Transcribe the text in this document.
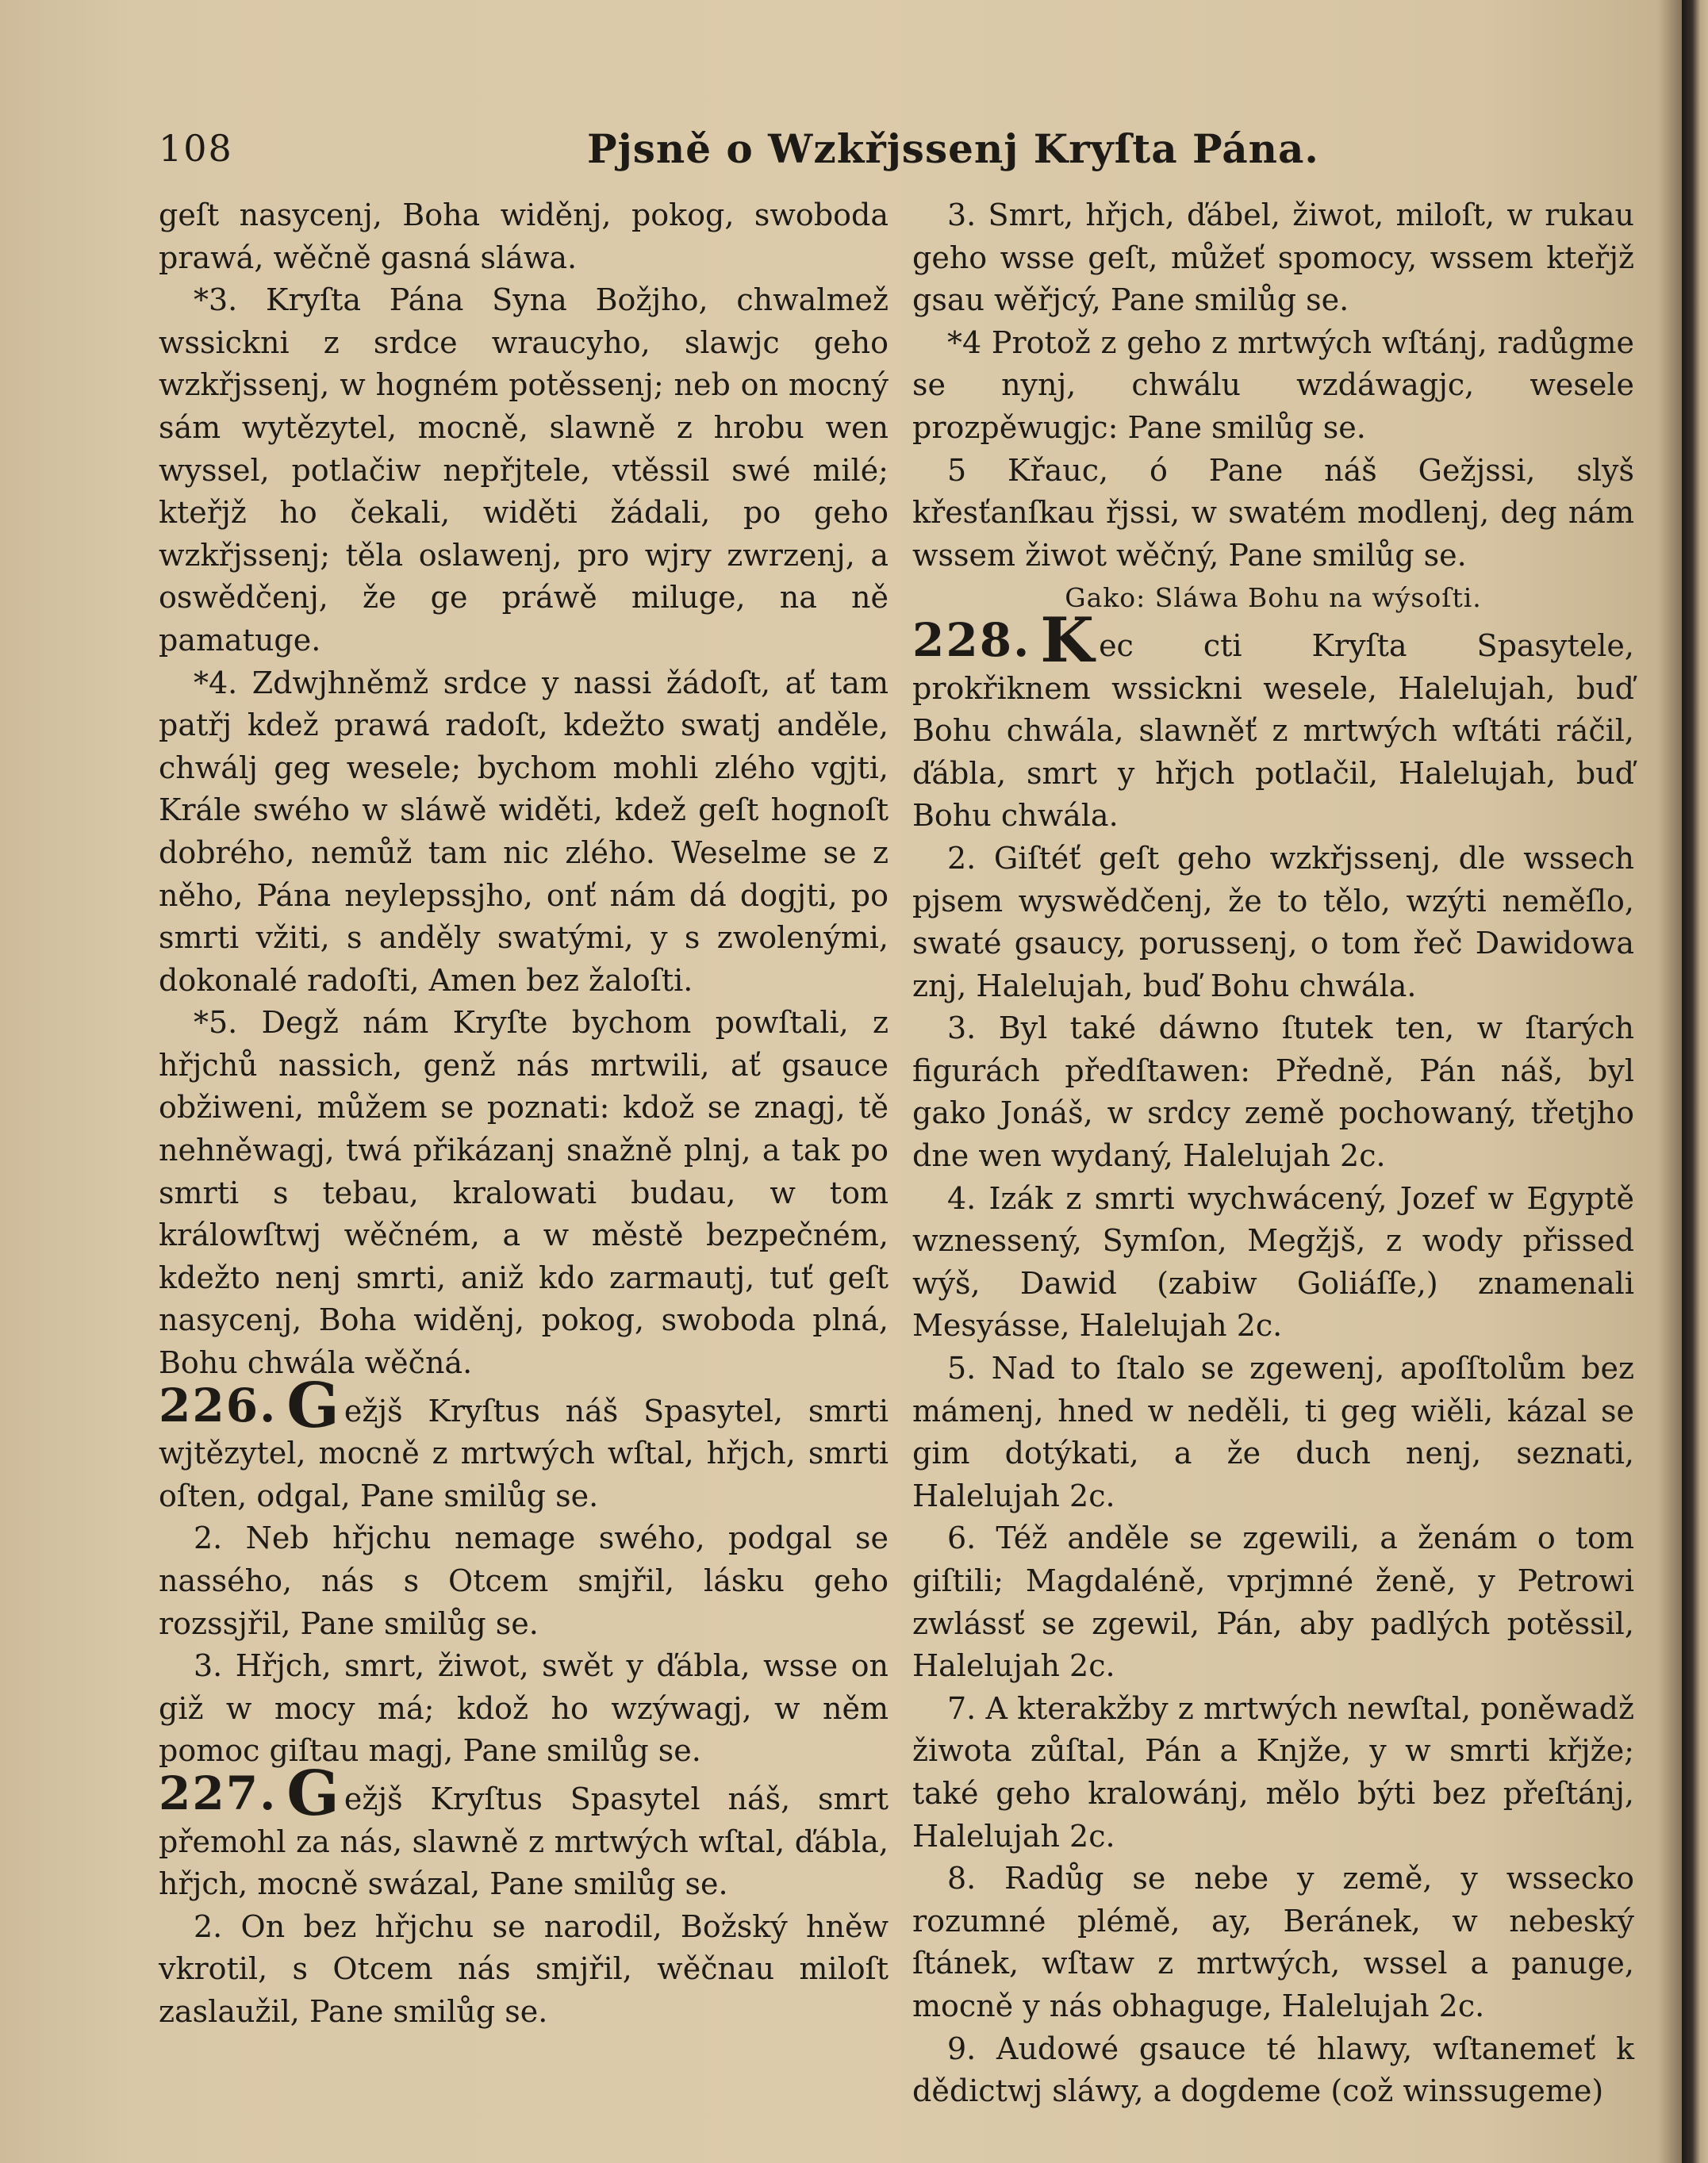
108	Pjsně o Wzkřjssenj Kryſta Pána.

geſt nasycenj, Boha widěnj, pokog, swoboda prawá, wěčně gasná sláwa.

*3. Kryſta Pána Syna Božjho, chwalmež wssickni z srdce wraucyho, slawjc geho wzkřjssenj, w hogném potěssenj; neb on mocný sám wytězytel, mocně, slawně z hrobu wen wyssel, potlačiw nepřjtele, vtěssil swé milé; kteřjž ho čekali, widěti žádali, po geho wzkřjssenj; těla oslawenj, pro wjry zwrzenj, a oswědčenj, že ge práwě miluge, na ně pamatuge.

*4. Zdwjhněmž srdce y nassi žádoſt, ať tam patřj kdež prawá radoſt, kdežto swatj anděle, chwálj geg wesele; bychom mohli zlého vgjti, Krále swého w sláwě widěti, kdež geſt hognoſt dobrého, nemůž tam nic zlého. Weselme se z něho, Pána neylepssjho, onť nám dá dogjti, po smrti vžiti, s anděly swatými, y s zwolenými, dokonalé radoſti, Amen bez žaloſti.

*5. Degž nám Kryſte bychom powſtali, z hřjchů nassich, genž nás mrtwili, ať gsauce obžiweni, můžem se poznati: kdož se znagj, tě nehněwagj, twá přikázanj snažně plnj, a tak po smrti s tebau, kralowati budau, w tom králowſtwj wěčném, a w městě bezpečném, kdežto nenj smrti, aniž kdo zarmautj, tuť geſt nasycenj, Boha widěnj, pokog, swoboda plná, Bohu chwála wěčná.

226. G ežjš Kryſtus náš Spasytel, smrti wjtězytel, mocně z mrtwých wſtal, hřjch, smrti oſten, odgal, Pane smilůg se.

2. Neb hřjchu nemage swého, podgal se nassého, nás s Otcem smjřil, lásku geho rozssjřil, Pane smilůg se.

3. Hřjch, smrt, žiwot, swět y ďábla, wsse on giž w mocy má; kdož ho wzýwagj, w něm pomoc giſtau magj, Pane smilůg se.

227. G ežjš Kryſtus Spasytel náš, smrt přemohl za nás, slawně z mrtwých wſtal, ďábla, hřjch, mocně swázal, Pane smilůg se.

2. On bez hřjchu se narodil, Božský hněw vkrotil, s Otcem nás smjřil, wěčnau miloſt zaslaužil, Pane smilůg se.

3. Smrt, hřjch, ďábel, žiwot, miloſt, w rukau geho wsse geſt, můžeť spomocy, wssem kteřjž gsau wěřjcý, Pane smilůg se.

*4 Protož z geho z mrtwých wſtánj, radůgme se nynj, chwálu wzdáwagjc, wesele prozpěwugjc: Pane smilůg se.

5 Křauc, ó Pane náš Gežjssi, slyš křesťanſkau řjssi, w swatém modlenj, deg nám wssem žiwot wěčný, Pane smilůg se.

Gako: Sláwa Bohu na wýsoſti.

228. K ec cti Kryſta Spasytele, prokřiknem wssickni wesele, Halelujah, buď Bohu chwála, slawněť z mrtwých wſtáti ráčil, ďábla, smrt y hřjch potlačil, Halelujah, buď Bohu chwála.

2. Giſtéť geſt geho wzkřjssenj, dle wssech pjsem wyswědčenj, že to tělo, wzýti neměſlo, swaté gsaucy, porussenj, o tom řeč Dawidowa znj, Halelujah, buď Bohu chwála.

3. Byl také dáwno ſtutek ten, w ſtarých figurách předſtawen: Předně, Pán náš, byl gako Jonáš, w srdcy země pochowaný, třetjho dne wen wydaný, Halelujah 2c.

4. Izák z smrti wychwácený, Jozef w Egyptě wznessený, Symſon, Megžjš, z wody přissed wýš, Dawid (zabiw Goliáſſe,) znamenali Mesyásse, Halelujah 2c.

5. Nad to ſtalo se zgewenj, apoſſtolům bez mámenj, hned w neděli, ti geg wiěli, kázal se gim dotýkati, a že duch nenj, seznati, Halelujah 2c.

6. Též anděle se zgewili, a ženám o tom giſtili; Magdaléně, vprjmné ženě, y Petrowi zwlássť se zgewil, Pán, aby padlých potěssil, Halelujah 2c.

7. A kterakžby z mrtwých newſtal, poněwadž žiwota zůſtal, Pán a Knjže, y w smrti křjže; také geho kralowánj, mělo býti bez přeſtánj, Halelujah 2c.

8. Radůg se nebe y země, y wssecko rozumné plémě, ay, Beránek, w nebeský ſtánek, wſtaw z mrtwých, wssel a panuge, mocně y nás obhaguge, Halelujah 2c.

9. Audowé gsauce té hlawy, wſtanemeť k dědictwj sláwy, a dogdeme (což winssugeme)
